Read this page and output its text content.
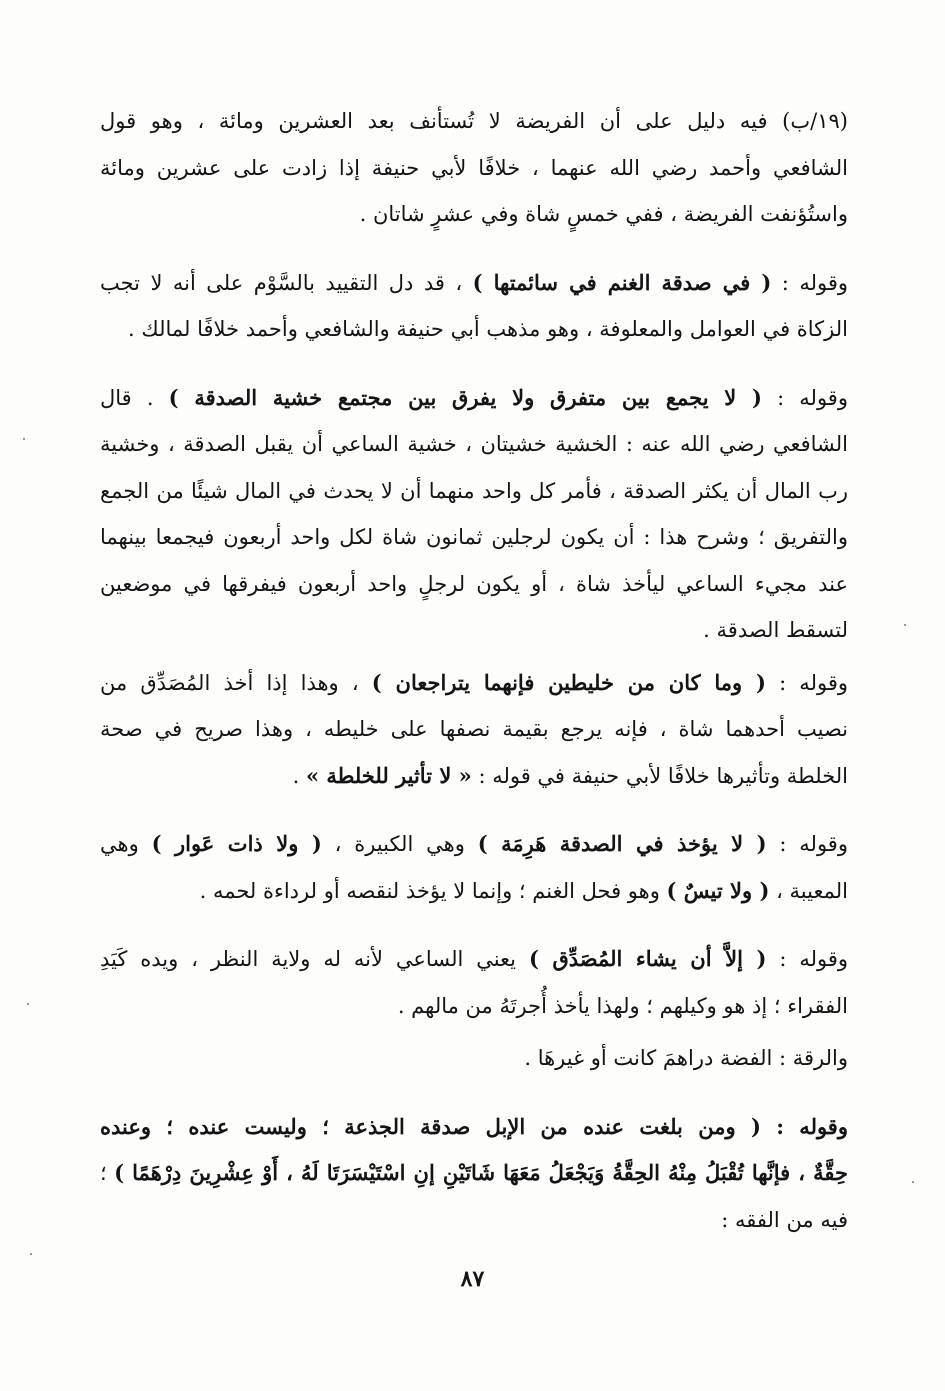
(١٩/ب) فيه دليل على أن الفريضة لا تُستأنف بعد العشرين ومائة ، وهو قول
الشافعي وأحمد رضي الله عنهما ، خلافًا لأبي حنيفة إذا زادت على عشرين ومائة
واستُؤنفت الفريضة ، ففي خمسٍ شاة وفي عشرٍ شاتان .
وقوله : ( في صدقة الغنم في سائمتها ) ، قد دل التقييد بالسَّوْم على أنه لا تجب
الزكاة في العوامل والمعلوفة ، وهو مذهب أبي حنيفة والشافعي وأحمد خلافًا لمالك .
وقوله : ( لا يجمع بين متفرق ولا يفرق بين مجتمع خشية الصدقة ) . قال
الشافعي رضي الله عنه : الخشية خشيتان ، خشية الساعي أن يقبل الصدقة ، وخشية
رب المال أن يكثر الصدقة ، فأمر كل واحد منهما أن لا يحدث في المال شيئًا من الجمع
والتفريق ؛ وشرح هذا : أن يكون لرجلين ثمانون شاة لكل واحد أربعون فيجمعا بينهما
عند مجيء الساعي ليأخذ شاة ، أو يكون لرجلٍ واحد أربعون فيفرقها في موضعين
لتسقط الصدقة .
وقوله : ( وما كان من خليطين فإنهما يتراجعان ) ، وهذا إذا أخذ المُصَدِّق من
نصيب أحدهما شاة ، فإنه يرجع بقيمة نصفها على خليطه ، وهذا صريح في صحة
الخلطة وتأثيرها خلافًا لأبي حنيفة في قوله : « لا تأثير للخلطة » .
وقوله : ( لا يؤخذ في الصدقة هَرِمَة ) وهي الكبيرة ، ( ولا ذات عَوار ) وهي
المعيبة ، ( ولا تيسٌ ) وهو فحل الغنم ؛ وإنما لا يؤخذ لنقصه أو لرداءة لحمه .
وقوله : ( إلاَّ أن يشاء المُصَدِّق ) يعني الساعي لأنه له ولاية النظر ، ويده كَيَدِ
الفقراء ؛ إذ هو وكيلهم ؛ ولهذا يأخذ أُجرتَهُ من مالهم .
والرقة : الفضة دراهمَ كانت أو غيرهَا .
وقوله : ( ومن بلغت عنده من الإبل صدقة الجذعة ؛ وليست عنده ؛ وعنده
حِقَّةٌ ، فإنَّها تُقْبَلُ مِنْهُ الحِقَّةُ وَيَجْعَلُ مَعَهَا شَاتَيْنِ إنِ اسْتَيْسَرَتَا لَهُ ، أَوْ عِشْرِينَ دِرْهَمًا ) ؛
فيه من الفقه :
٨٧
